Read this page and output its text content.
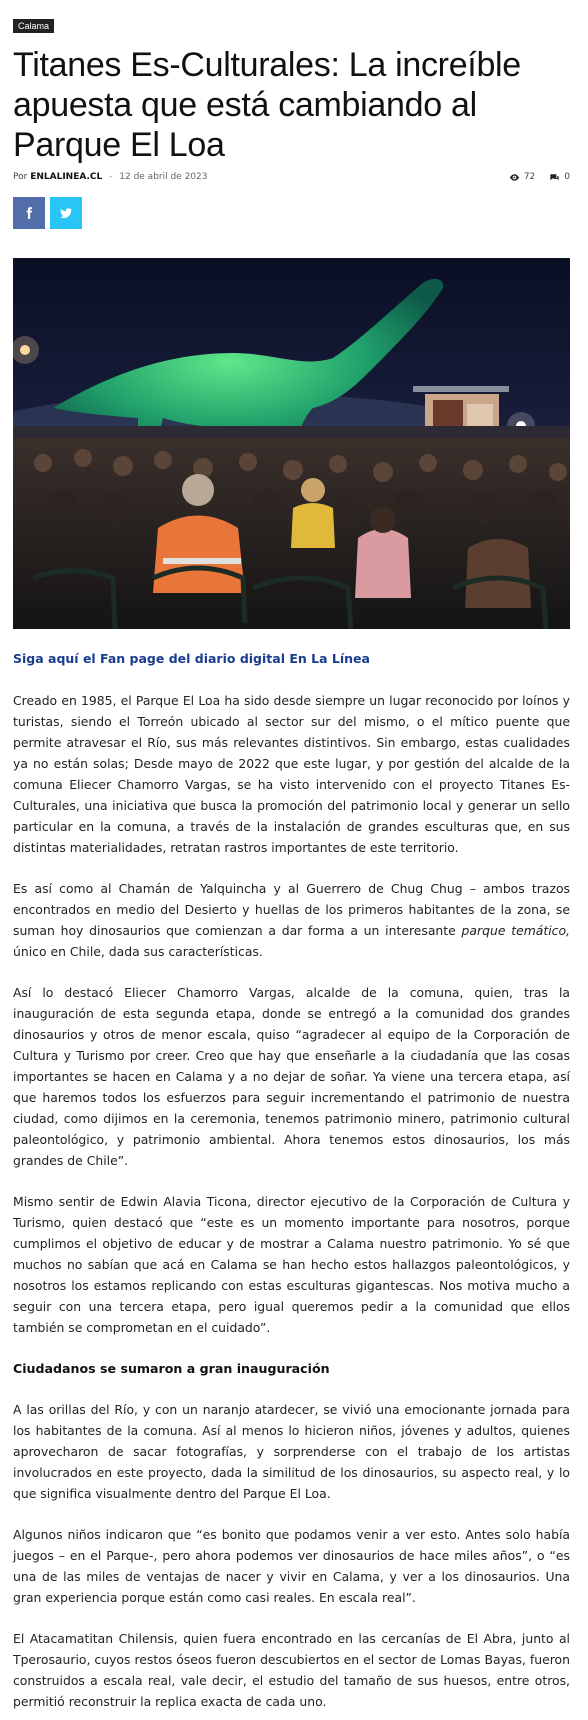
Calama
Titanes Es-Culturales: La increíble apuesta que está cambiando al Parque El Loa
Por ENLALINEA.CL - 12 de abril de 2023	72	0
Siga aquí el Fan page del diario digital En La Línea

Creado en 1985, el Parque El Loa ha sido desde siempre un lugar reconocido por loínos y turistas, siendo el Torreón ubicado al sector sur del mismo, o el mítico puente que permite atravesar el Río, sus más relevantes distintivos. Sin embargo, estas cualidades ya no están solas; Desde mayo de 2022 que este lugar, y por gestión del alcalde de la comuna Eliecer Chamorro Vargas, se ha visto intervenido con el proyecto Titanes Es-Culturales, una iniciativa que busca la promoción del patrimonio local y generar un sello particular en la comuna, a través de la instalación de grandes esculturas que, en sus distintas materialidades, retratan rastros importantes de este territorio.

Es así como al Chamán de Yalquincha y al Guerrero de Chug Chug – ambos trazos encontrados en medio del Desierto y huellas de los primeros habitantes de la zona, se suman hoy dinosaurios que comienzan a dar forma a un interesante parque temático, único en Chile, dada sus características.

Así lo destacó Eliecer Chamorro Vargas, alcalde de la comuna, quien, tras la inauguración de esta segunda etapa, donde se entregó a la comunidad dos grandes dinosaurios y otros de menor escala, quiso “agradecer al equipo de la Corporación de Cultura y Turismo por creer. Creo que hay que enseñarle a la ciudadanía que las cosas importantes se hacen en Calama y a no dejar de soñar. Ya viene una tercera etapa, así que haremos todos los esfuerzos para seguir incrementando el patrimonio de nuestra ciudad, como dijimos en la ceremonia, tenemos patrimonio minero, patrimonio cultural paleontológico, y patrimonio ambiental. Ahora tenemos estos dinosaurios, los más grandes de Chile”.

Mismo sentir de Edwin Alavia Ticona, director ejecutivo de la Corporación de Cultura y Turismo, quien destacó que “este es un momento importante para nosotros, porque cumplimos el objetivo de educar y de mostrar a Calama nuestro patrimonio. Yo sé que muchos no sabían que acá en Calama se han hecho estos hallazgos paleontológicos, y nosotros los estamos replicando con estas esculturas gigantescas. Nos motiva mucho a seguir con una tercera etapa, pero igual queremos pedir a la comunidad que ellos también se comprometan en el cuidado”.

Ciudadanos se sumaron a gran inauguración

A las orillas del Río, y con un naranjo atardecer, se vivió una emocionante jornada para los habitantes de la comuna. Así al menos lo hicieron niños, jóvenes y adultos, quienes aprovecharon de sacar fotografías, y sorprenderse con el trabajo de los artistas involucrados en este proyecto, dada la similitud de los dinosaurios, su aspecto real, y lo que significa visualmente dentro del Parque El Loa.

Algunos niños indicaron que “es bonito que podamos venir a ver esto. Antes solo había juegos – en el Parque-, pero ahora podemos ver dinosaurios de hace miles años”, o “es una de las miles de ventajas de nacer y vivir en Calama, y ver a los dinosaurios. Una gran experiencia porque están como casi reales. En escala real”.

El Atacamatitan Chilensis, quien fuera encontrado en las cercanías de El Abra, junto al Tperosaurio, cuyos restos óseos fueron descubiertos en el sector de Lomas Bayas, fueron construidos a escala real, vale decir, el estudio del tamaño de sus huesos, entre otros, permitió reconstruir la replica exacta de cada uno.
